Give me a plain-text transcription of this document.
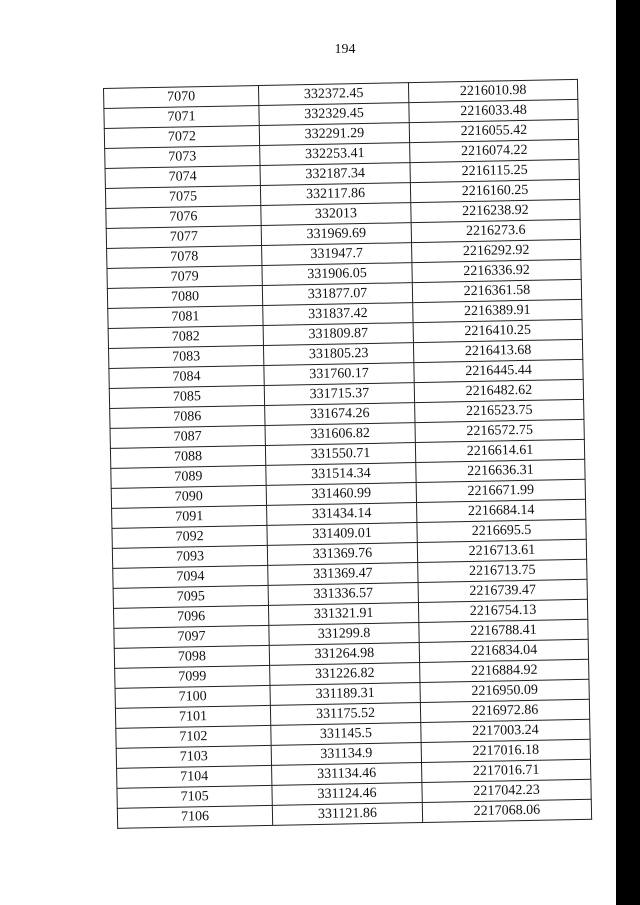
194
7070	332372.45	2216010.98
7071	332329.45	2216033.48
7072	332291.29	2216055.42
7073	332253.41	2216074.22
7074	332187.34	2216115.25
7075	332117.86	2216160.25
7076	332013	2216238.92
7077	331969.69	2216273.6
7078	331947.7	2216292.92
7079	331906.05	2216336.92
7080	331877.07	2216361.58
7081	331837.42	2216389.91
7082	331809.87	2216410.25
7083	331805.23	2216413.68
7084	331760.17	2216445.44
7085	331715.37	2216482.62
7086	331674.26	2216523.75
7087	331606.82	2216572.75
7088	331550.71	2216614.61
7089	331514.34	2216636.31
7090	331460.99	2216671.99
7091	331434.14	2216684.14
7092	331409.01	2216695.5
7093	331369.76	2216713.61
7094	331369.47	2216713.75
7095	331336.57	2216739.47
7096	331321.91	2216754.13
7097	331299.8	2216788.41
7098	331264.98	2216834.04
7099	331226.82	2216884.92
7100	331189.31	2216950.09
7101	331175.52	2216972.86
7102	331145.5	2217003.24
7103	331134.9	2217016.18
7104	331134.46	2217016.71
7105	331124.46	2217042.23
7106	331121.86	2217068.06
